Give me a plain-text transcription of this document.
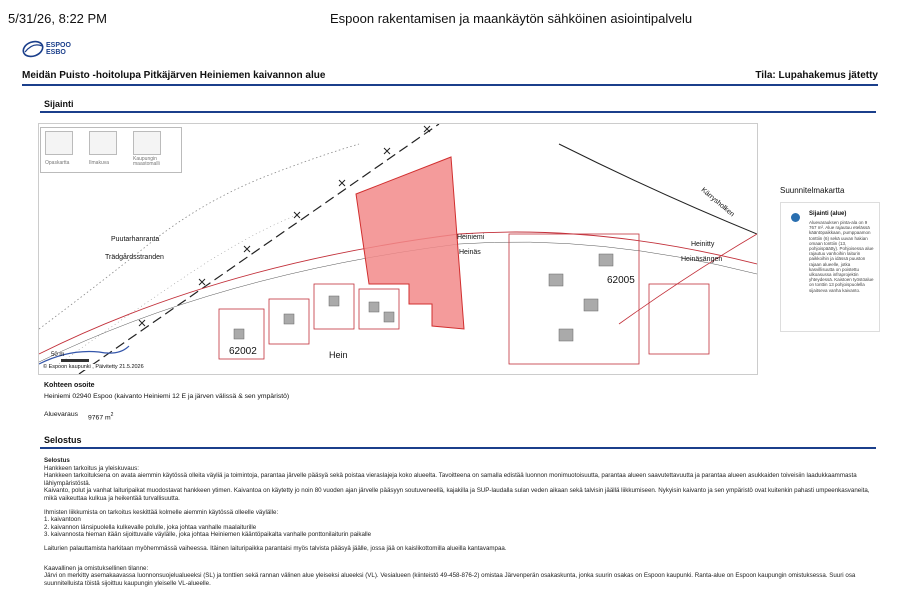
5/31/26, 8:22 PM	Espoon rakentamisen ja maankäytön sähköinen asiointipalvelu
ESPOO
ESBO
Meidän Puisto -hoitolupa Pitkäjärven Heiniemen kaivannon alue	Tila: Lupahakemus jätetty
Sijainti
Puutarhanranta
Trädgårdsstranden
Heiniemi
Heinäs
Kärrysholken
Heinitty
Heinäsängen
62005
62002	Hein
50 m
© Espoon kaupunki , Päivitetty 21.5.2026
Opaskartta	Ilmakuva
Kaupungin maastomalli
Suunnitelmakartta
Sijainti (alue)
Aluevarauksen pinta-ala on 9 767 m². Alue rajautuu etelässä kääntöpaikkaan, pumppaamon tonttiin (6) sekä uuvan hakian omaan tonttiin (13, pohjoispäätty). Pohjoisessa alue rajautuu vanhoihin laiturin paikkoihin ja idässä puuston rajaan alueelle, jotka kasvillisuutta on poistettu ulkoasussa infraprojektin yhteydessä. Kaistoen työstöalue on tonttin 13 pohjoispuolella sijaitseva vanha kaivanto.
Kohteen osoite
Heiniemi 02940 Espoo (kaivanto Heiniemi 12 E ja järven välissä & sen ympäristö)
Aluevaraus 9767 $m^2$
Selostus

Selostus

Hankkeen tarkoitus ja yleiskuvaus:

Hankkeen tarkoituksena on avata aiemmin käytössä olleita väyliä ja toimintoja, parantaa järvelle pääsyä sekä poistaa vieraslajeja koko alueelta. Tavoitteena on samalla edistää luonnon monimuotoisuutta, parantaa alueen saavutettavuutta ja parantaa alueen asukkaiden toiveisiin laadukkaammasta lähiympäristöstä.

Kaivanto, polut ja vanhat laituripaikat muodostavat hankkeen ytimen. Kaivantoa on käytetty jo noin 80 vuoden ajan järvelle pääsyyn soutuveneellä, kajakilla ja SUP-laudalla sulan veden aikaan sekä talvisin jäällä liikkumiseen. Nykyisin kaivanto ja sen ympäristö ovat kuitenkin pahasti umpeenkasvaneita, mikä vaikeuttaa kulkua ja heikentää turvallisuutta.

Ihmisten liikkumista on tarkoitus keskittää kolmelle aiemmin käytössä olleelle väylälle:

1. kaivantoon

2. kaivannon länsipuolella kulkevalle polulle, joka johtaa vanhalle maalaiturille

3. kaivannosta hieman itään sijoittuvalle väylälle, joka johtaa Heiniemen kääntöpaikalta vanhalle ponttonilaiturin paikalle

Laiturien palauttamista harkitaan myöhemmässä vaiheessa. Itäinen laituripaikka parantaisi myös talvista pääsyä jäälle, jossa jää on kaislikottomilla alueilla kantavampaa.

Kaavallinen ja omistuksellinen tilanne:

Järvi on merkitty asemakaavassa luonnonsuojelualueeksi (SL) ja tonttien sekä rannan välinen alue yleiseksi alueeksi (VL). Vesialueen (kiinteistö 49-458-876-2) omistaa Järvenperän osakaskunta, jonka suurin osakas on Espoon kaupunki. Ranta-alue on Espoon kaupungin omistuksessa. Suuri osa suunnitelluista töistä sijoittuu kaupungin yleiselle VL-alueelle.
